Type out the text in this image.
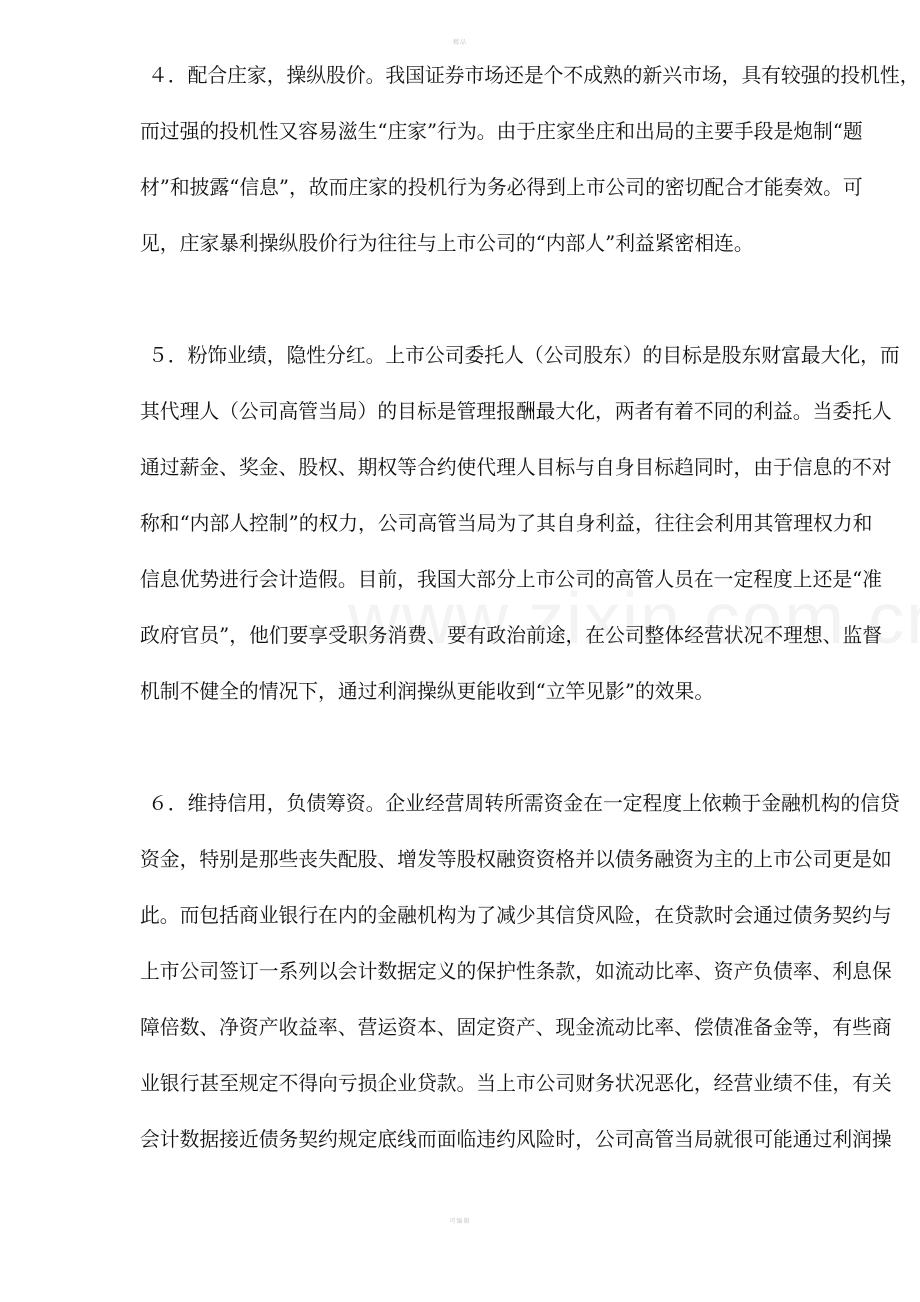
精品
４．配合庄家，操纵股价。我国证券市场还是个不成熟的新兴市场，具有较强的投机性，
而过强的投机性又容易滋生“庄家”行为。由于庄家坐庄和出局的主要手段是炮制“题
材”和披露“信息”，故而庄家的投机行为务必得到上市公司的密切配合才能奏效。可
见，庄家暴利操纵股价行为往往与上市公司的“内部人”利益紧密相连。
５．粉饰业绩，隐性分红。上市公司委托人（公司股东）的目标是股东财富最大化，而
其代理人（公司高管当局）的目标是管理报酬最大化，两者有着不同的利益。当委托人
通过薪金、奖金、股权、期权等合约使代理人目标与自身目标趋同时，由于信息的不对
称和“内部人控制”的权力，公司高管当局为了其自身利益，往往会利用其管理权力和
信息优势进行会计造假。目前，我国大部分上市公司的高管人员在一定程度上还是“准
政府官员”，他们要享受职务消费、要有政治前途，在公司整体经营状况不理想、监督
机制不健全的情况下，通过利润操纵更能收到“立竿见影”的效果。
６．维持信用，负债筹资。企业经营周转所需资金在一定程度上依赖于金融机构的信贷
资金，特别是那些丧失配股、增发等股权融资资格并以债务融资为主的上市公司更是如
此。而包括商业银行在内的金融机构为了减少其信贷风险，在贷款时会通过债务契约与
上市公司签订一系列以会计数据定义的保护性条款，如流动比率、资产负债率、利息保
障倍数、净资产收益率、营运资本、固定资产、现金流动比率、偿债准备金等，有些商
业银行甚至规定不得向亏损企业贷款。当上市公司财务状况恶化，经营业绩不佳，有关
会计数据接近债务契约规定底线而面临违约风险时，公司高管当局就很可能通过利润操
可编辑
